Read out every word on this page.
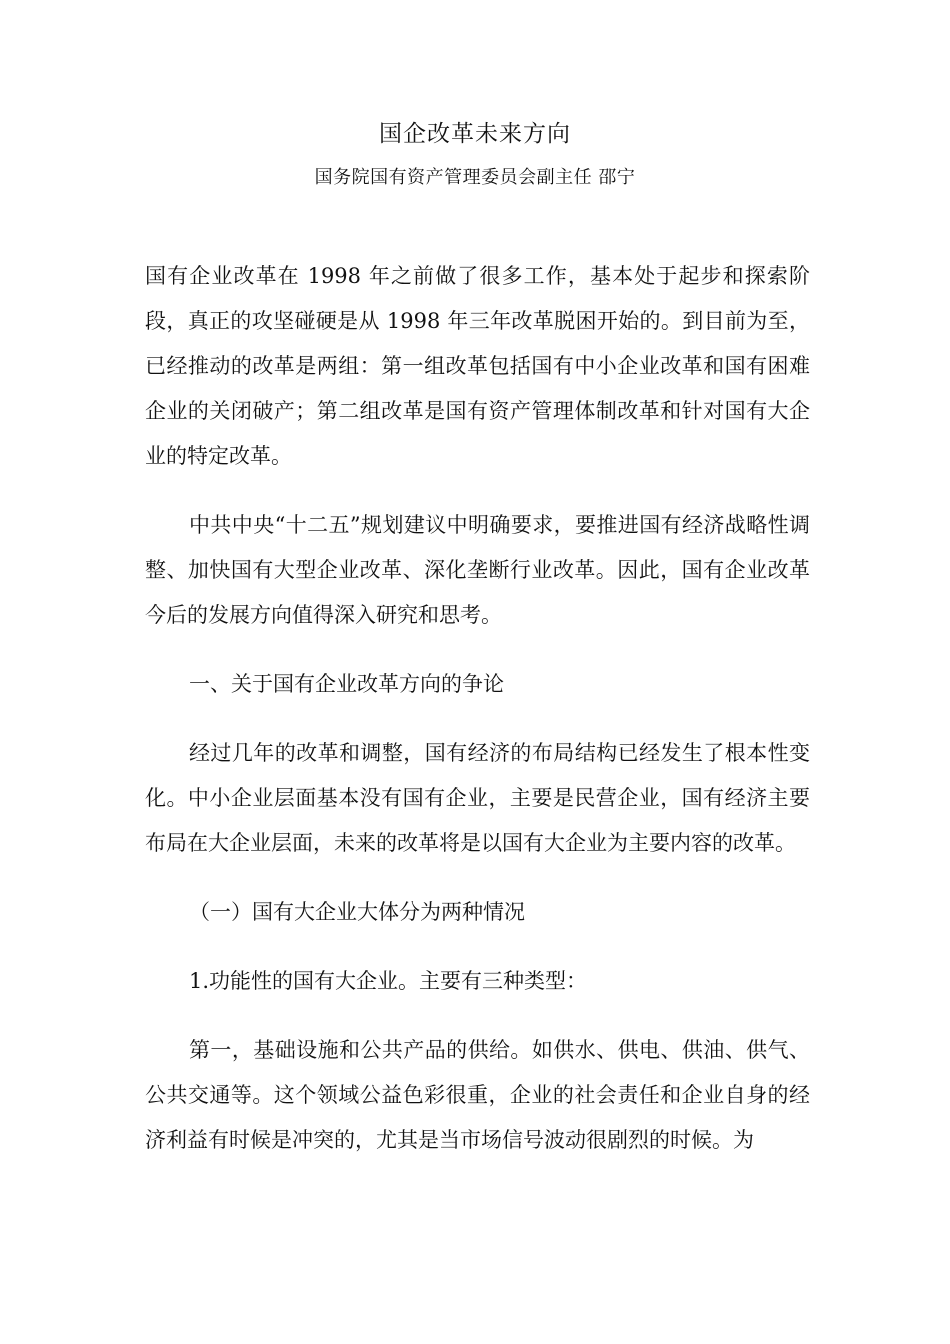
国企改革未来方向
国务院国有资产管理委员会副主任 邵宁

国有企业改革在 1998 年之前做了很多工作，基本处于起步和探索阶段，真正的攻坚碰硬是从 1998 年三年改革脱困开始的。到目前为至，已经推动的改革是两组：第一组改革包括国有中小企业改革和国有困难企业的关闭破产；第二组改革是国有资产管理体制改革和针对国有大企业的特定改革。

中共中央“十二五”规划建议中明确要求，要推进国有经济战略性调整、加快国有大型企业改革、深化垄断行业改革。因此，国有企业改革今后的发展方向值得深入研究和思考。

一、关于国有企业改革方向的争论

经过几年的改革和调整，国有经济的布局结构已经发生了根本性变化。中小企业层面基本没有国有企业，主要是民营企业，国有经济主要布局在大企业层面，未来的改革将是以国有大企业为主要内容的改革。

（一）国有大企业大体分为两种情况

1.功能性的国有大企业。主要有三种类型：

第一，基础设施和公共产品的供给。如供水、供电、供油、供气、公共交通等。这个领域公益色彩很重，企业的社会责任和企业自身的经济利益有时候是冲突的，尤其是当市场信号波动很剧烈的时候。为
